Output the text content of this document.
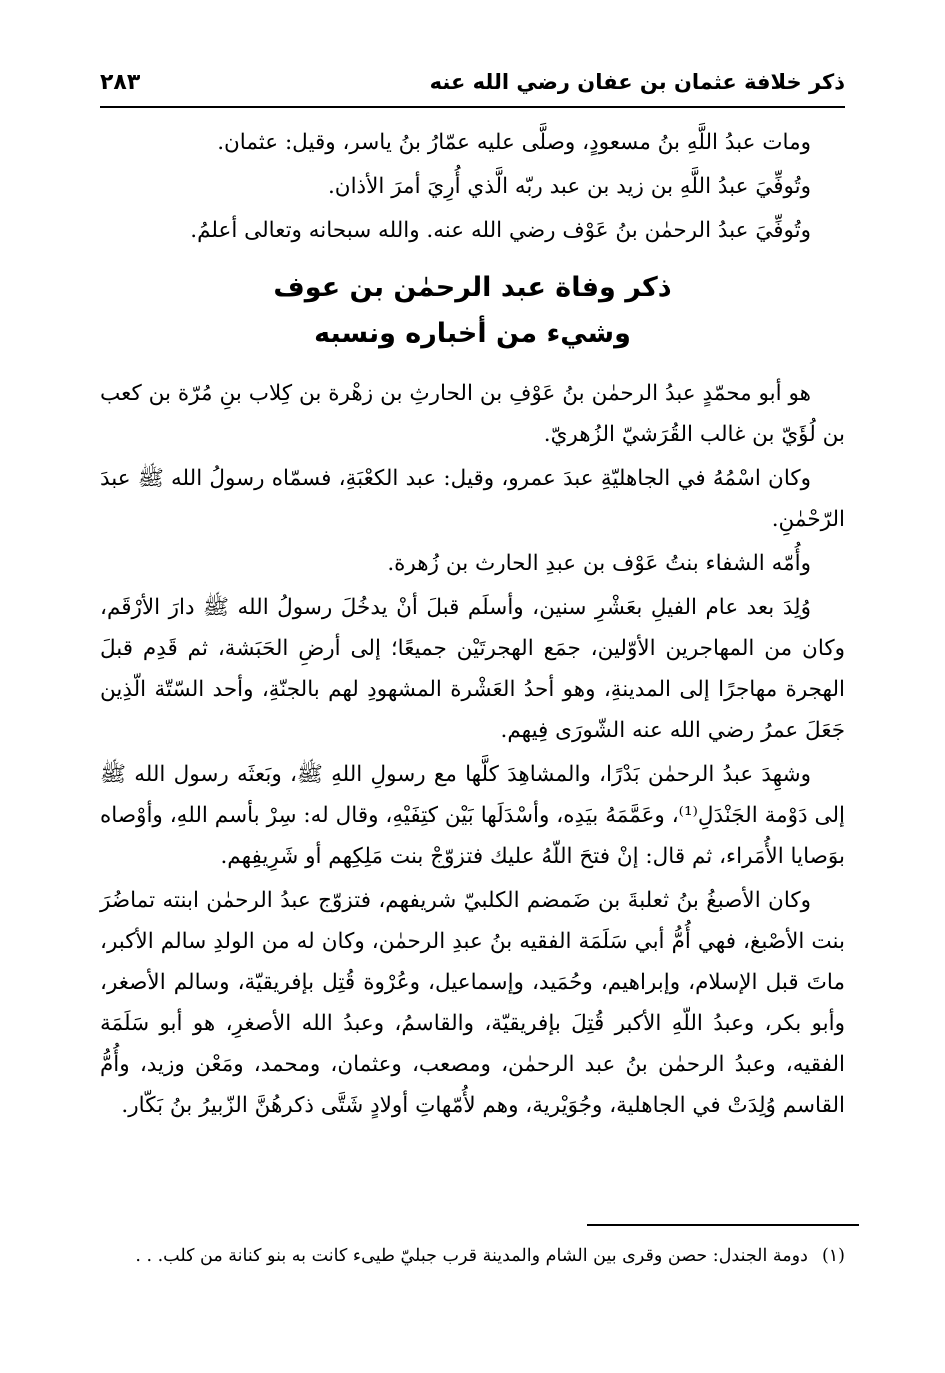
ذكر خلافة عثمان بن عفان رضي الله عنه
٢٨٣

ومات عبدُ اللَّهِ بنُ مسعودٍ، وصلَّى عليه عمّارُ بنُ ياسر، وقيل: عثمان.

وتُوفِّيَ عبدُ اللَّهِ بن زيد بن عبد ربّه الَّذي أُرِيَ أمرَ الأذان.

وتُوفِّيَ عبدُ الرحمٰن بنُ عَوْف رضي الله عنه. والله سبحانه وتعالى أعلمُ.

ذكر وفاة عبد الرحمٰن بن عوف
وشيء من أخباره ونسبه

هو أبو محمّدٍ عبدُ الرحمٰن بنُ عَوْفِ بن الحارثِ بن زهْرة بن كِلاب بنِ مُرّة بن كعب بن لُؤَيّ بن غالب القُرَشيّ الزُهريّ.

وكان اسْمُهُ في الجاهليّةِ عبدَ عمرو، وقيل: عبد الكعْبَةِ، فسمّاه رسولُ الله ﷺ عبدَ الرّحْمٰنِ.

وأُمّه الشفاء بنتُ عَوْف بن عبدِ الحارث بن زُهرة.

وُلِدَ بعد عام الفيلِ بعَشْرِ سنين، وأسلَم قبلَ أنْ يدخُلَ رسولُ الله ﷺ دارَ الأرْقَم، وكان من المهاجرين الأوّلين، جمَع الهجرتَيْن جميعًا؛ إلى أرضِ الحَبَشة، ثم قَدِم قبلَ الهجرة مهاجرًا إلى المدينةِ، وهو أحدُ العَشْرة المشهودِ لهم بالجنّةِ، وأحد السّتّة الّذِين جَعَلَ عمرُ رضي الله عنه الشّورَى فِيهم.

وشهِدَ عبدُ الرحمٰن بَدْرًا، والمشاهِدَ كلَّها مع رسولِ اللهِ ﷺ، وبَعثَه رسول الله ﷺ إلى دَوْمة الجَنْدَلِ⁽¹⁾، وعَمَّمَهُ بيَدِه، وأسْدَلَها بَيْن كتِفَيْهِ، وقال له: سِرْ بأسم اللهِ، وأوْصاه بوَصايا الأُمَراء، ثم قال: إنْ فتحَ اللّهُ عليك فتزوّجْ بنت مَلِكِهم أو شَرِيفِهم.

وكان الأصبغُ بنُ ثعلبةَ بن ضَمضم الكلبيّ شريفهم، فتزوّج عبدُ الرحمٰن ابنته تماضُرَ بنت الأصْبغ، فهي أُمُّ أبي سَلَمَة الفقيه بنُ عبدِ الرحمٰن، وكان له من الولدِ سالم الأكبر، ماتَ قبل الإسلام، وإبراهيم، وحُمَيد، وإسماعيل، وعُرْوة قُتِل بإفريقيّة، وسالم الأصغر، وأبو بكر، وعبدُ اللّهِ الأكبر قُتِلَ بإفريقيّة، والقاسمُ، وعبدُ الله الأصغرِ، هو أبو سَلَمَة الفقيه، وعبدُ الرحمٰن بنُ عبد الرحمٰن، ومصعب، وعثمان، ومحمد، ومَعْن وزيد، وأُمُّ القاسم وُلِدَتْ في الجاهلية، وجُوَيْرية، وهم لأُمّهاتِ أولادٍ شَتَّى ذكرهُنَّ الزّبيرُ بنُ بَكّار.

(١)دومة الجندل: حصن وقرى بين الشام والمدينة قرب جبليّ طيىء كانت به بنو كنانة من كلب. . .
